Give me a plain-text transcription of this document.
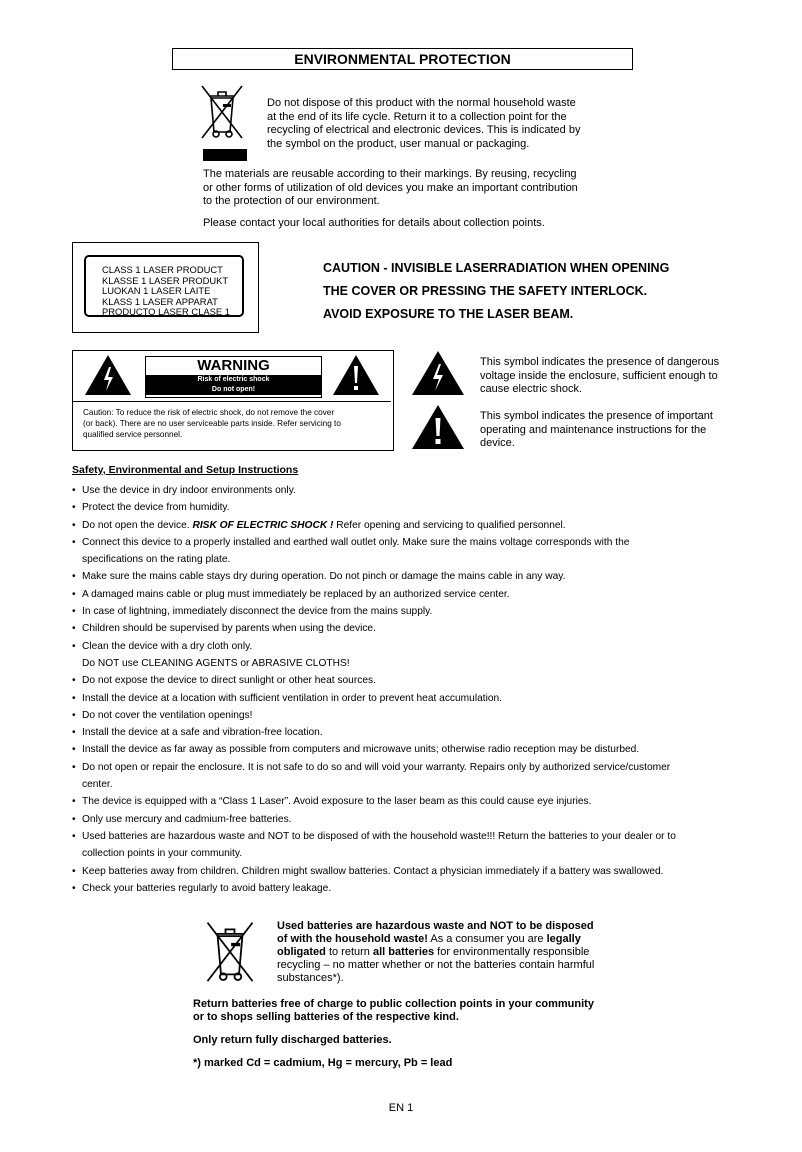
ENVIRONMENTAL PROTECTION

Do not dispose of this product with the normal household waste

at the end of its life cycle. Return it to a collection point for the

recycling of electrical and electronic devices. This is indicated by

the symbol on the product, user manual or packaging.

The materials are reusable according to their markings. By reusing, recycling

or other forms of utilization of old devices you make an important contribution

to the protection of our environment.

Please contact your local authorities for details about collection points.
CLASS 1 LASER PRODUCT
KLASSE 1 LASER PRODUKT
LUOKAN 1 LASER LAITE
KLASS 1 LASER APPARAT
PRODUCTO LASER CLASE 1
CAUTION - INVISIBLE LASERRADIATION WHEN OPENING
THE COVER OR PRESSING THE SAFETY INTERLOCK.
AVOID EXPOSURE TO THE LASER BEAM.
WARNING
Risk of electric shock
Do not open!
Caution: To reduce the risk of electric shock, do not remove the cover
(or back). There are no user serviceable parts inside. Refer servicing to
qualified service personnel.
This symbol indicates the presence of dangerous
voltage inside the enclosure, sufficient enough to
cause electric shock.
This symbol indicates the presence of important
operating and maintenance instructions for the
device.
Safety, Environmental and Setup Instructions
• Use the device in dry indoor environments only.
• Protect the device from humidity.
• Do not open the device. RISK OF ELECTRIC SHOCK ! Refer opening and servicing to qualified personnel.
• Connect this device to a properly installed and earthed wall outlet only. Make sure the mains voltage corresponds with the
specifications on the rating plate.
• Make sure the mains cable stays dry during operation. Do not pinch or damage the mains cable in any way.
• A damaged mains cable or plug must immediately be replaced by an authorized service center.
• In case of lightning, immediately disconnect the device from the mains supply.
• Children should be supervised by parents when using the device.
• Clean the device with a dry cloth only.
Do NOT use CLEANING AGENTS or ABRASIVE CLOTHS!
• Do not expose the device to direct sunlight or other heat sources.
• Install the device at a location with sufficient ventilation in order to prevent heat accumulation.
• Do not cover the ventilation openings!
• Install the device at a safe and vibration-free location.
• Install the device as far away as possible from computers and microwave units; otherwise radio reception may be disturbed.
• Do not open or repair the enclosure. It is not safe to do so and will void your warranty. Repairs only by authorized service/customer
center.
• The device is equipped with a “Class 1 Laser”. Avoid exposure to the laser beam as this could cause eye injuries.
• Only use mercury and cadmium-free batteries.
• Used batteries are hazardous waste and NOT to be disposed of with the household waste!!! Return the batteries to your dealer or to
collection points in your community.
• Keep batteries away from children. Children might swallow batteries. Contact a physician immediately if a battery was swallowed.
• Check your batteries regularly to avoid battery leakage.
Used batteries are hazardous waste and NOT to be disposed
of with the household waste! As a consumer you are legally
obligated to return all batteries for environmentally responsible
recycling – no matter whether or not the batteries contain harmful
substances*).
Return batteries free of charge to public collection points in your community
or to shops selling batteries of the respective kind.
Only return fully discharged batteries.
*) marked Cd = cadmium, Hg = mercury, Pb = lead
EN 1
